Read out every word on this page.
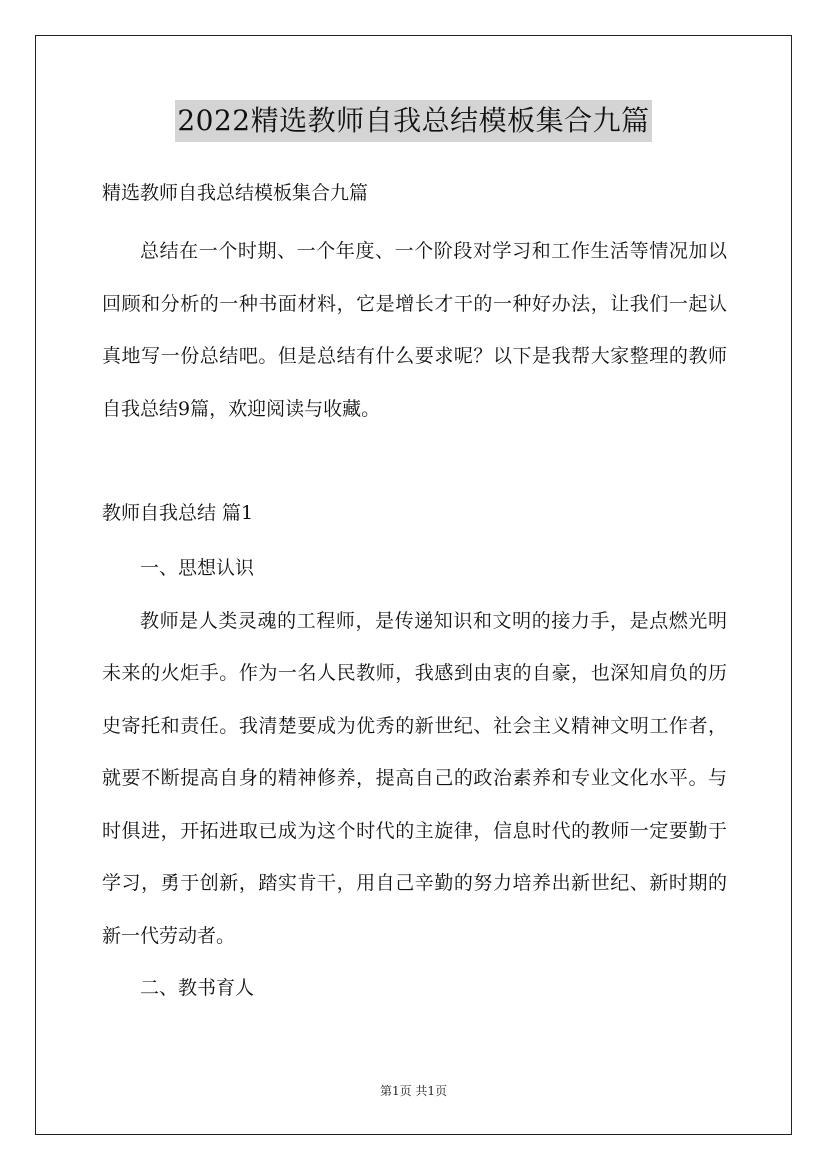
2022精选教师自我总结模板集合九篇

精选教师自我总结模板集合九篇

总结在一个时期、一个年度、一个阶段对学习和工作生活等情况加以回顾和分析的一种书面材料，它是增长才干的一种好办法，让我们一起认真地写一份总结吧。但是总结有什么要求呢？以下是我帮大家整理的教师自我总结9篇，欢迎阅读与收藏。

教师自我总结 篇1

一、思想认识

教师是人类灵魂的工程师，是传递知识和文明的接力手，是点燃光明未来的火炬手。作为一名人民教师，我感到由衷的自豪，也深知肩负的历史寄托和责任。我清楚要成为优秀的新世纪、社会主义精神文明工作者，就要不断提高自身的精神修养，提高自己的政治素养和专业文化水平。与时俱进，开拓进取已成为这个时代的主旋律，信息时代的教师一定要勤于学习，勇于创新，踏实肯干，用自己辛勤的努力培养出新世纪、新时期的新一代劳动者。

二、教书育人

第1页 共1页
